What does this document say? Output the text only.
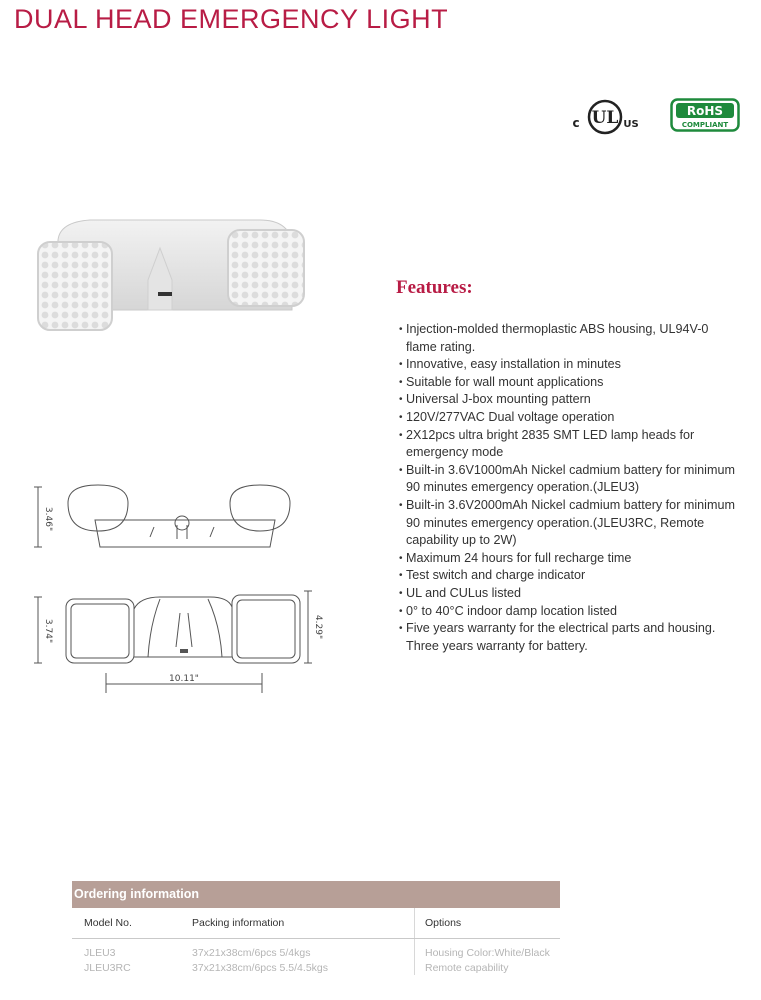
DUAL HEAD EMERGENCY LIGHT
UL
c	US
RoHS
COMPLIANT
3.46"
3.74"	4.29"
10.11"
Features:
• Injection-molded thermoplastic ABS housing, UL94V-0 flame rating.
• Innovative, easy installation in minutes
• Suitable for wall mount applications
• Universal J-box mounting pattern
• 120V/277VAC Dual voltage operation
• 2X12pcs ultra bright 2835 SMT LED lamp heads for emergency mode
• Built-in 3.6V1000mAh Nickel cadmium battery for minimum 90 minutes emergency operation.(JLEU3)
• Built-in 3.6V2000mAh Nickel cadmium battery for minimum 90 minutes emergency operation.(JLEU3RC, Remote capability up to 2W)
• Maximum 24 hours for full recharge time
• Test switch and charge indicator
• UL and CULus listed
• 0° to 40°C indoor damp location listed
• Five years warranty for the electrical parts and housing. Three years warranty for battery.
Ordering information
Model No.	Packing information	Options
JLEU3	37x21x38cm/6pcs 5/4kgs	Housing Color:White/Black
JLEU3RC	37x21x38cm/6pcs 5.5/4.5kgs	Remote capability
